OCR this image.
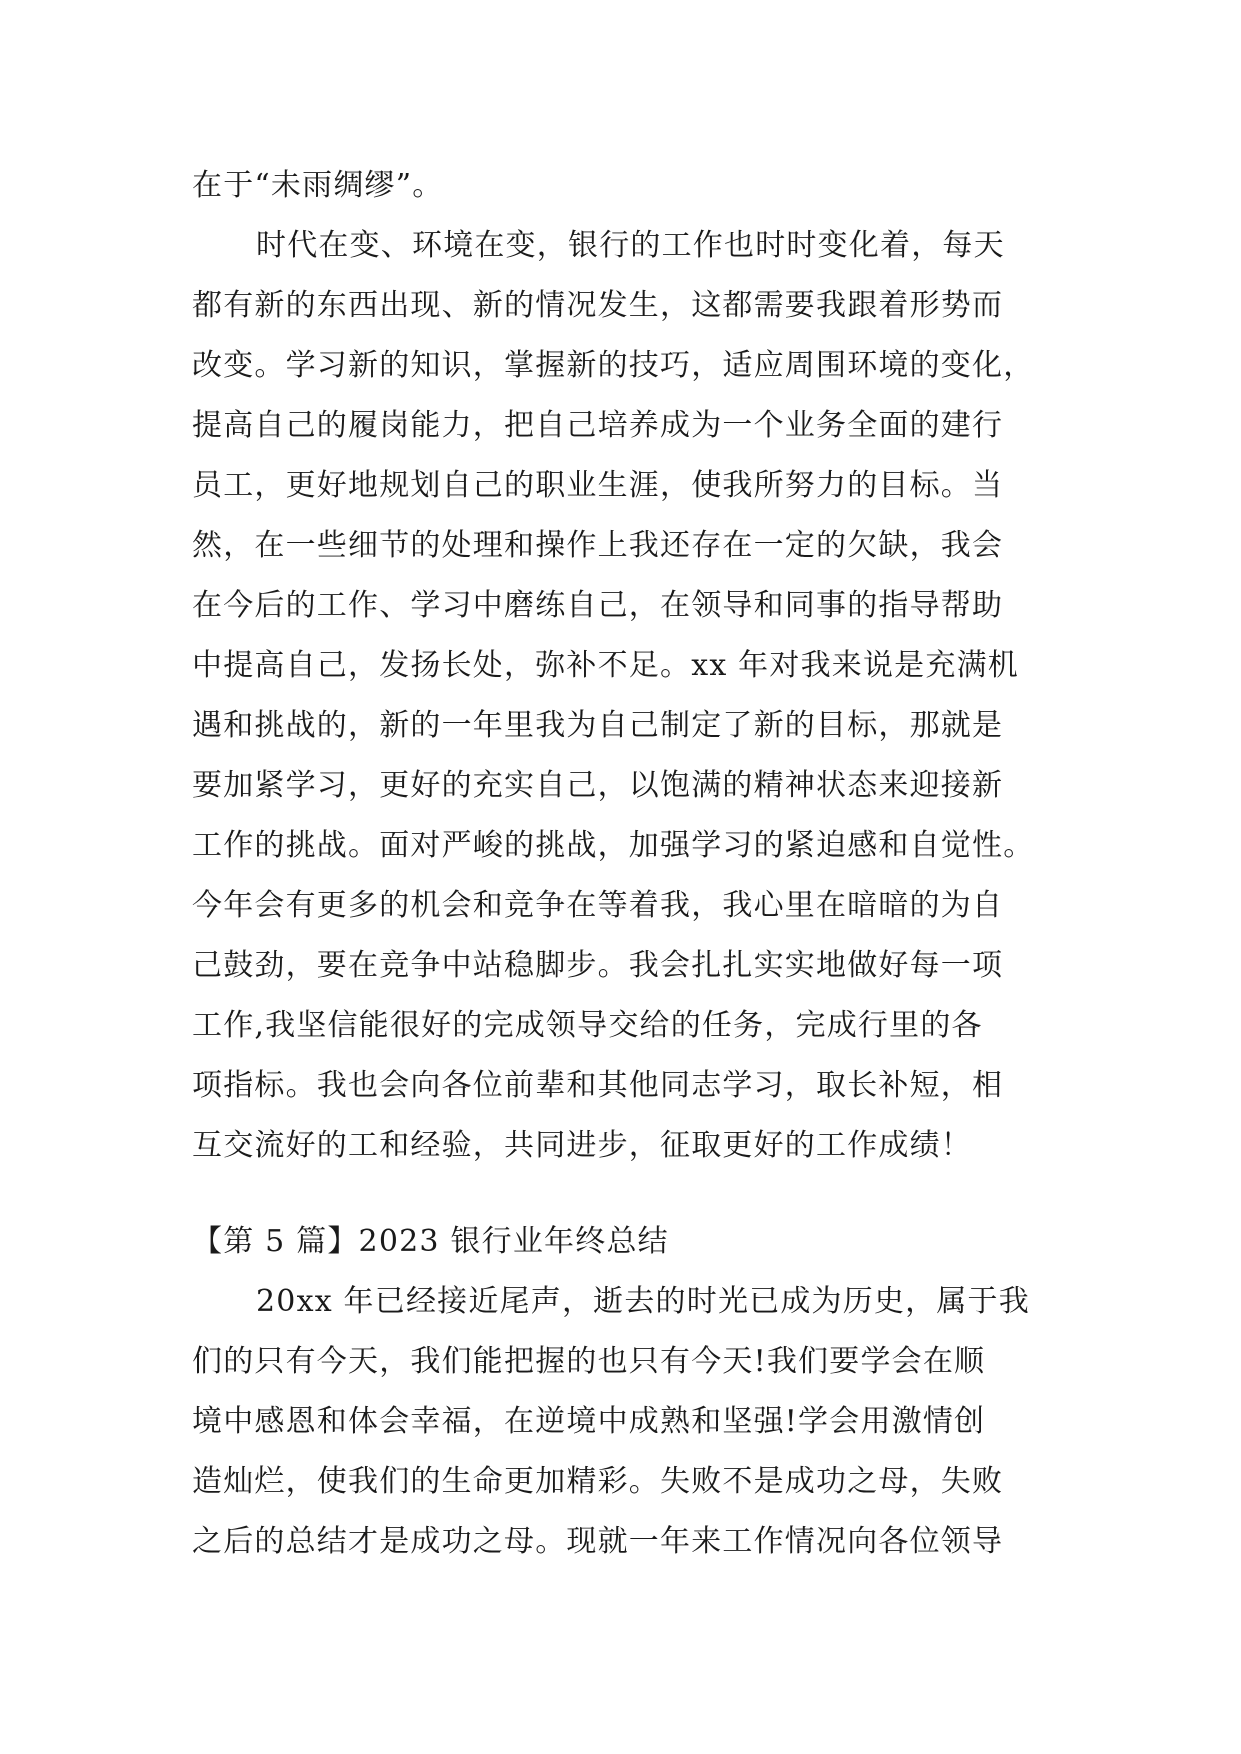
在于“未雨绸缪”。
时代在变、环境在变，银行的工作也时时变化着，每天
都有新的东西出现、新的情况发生，这都需要我跟着形势而
改变。学习新的知识，掌握新的技巧，适应周围环境的变化，
提高自己的履岗能力，把自己培养成为一个业务全面的建行
员工，更好地规划自己的职业生涯，使我所努力的目标。当
然，在一些细节的处理和操作上我还存在一定的欠缺，我会
在今后的工作、学习中磨练自己，在领导和同事的指导帮助
中提高自己，发扬长处，弥补不足。xx 年对我来说是充满机
遇和挑战的，新的一年里我为自己制定了新的目标，那就是
要加紧学习，更好的充实自己，以饱满的精神状态来迎接新
工作的挑战。面对严峻的挑战，加强学习的紧迫感和自觉性。
今年会有更多的机会和竞争在等着我，我心里在暗暗的为自
己鼓劲，要在竞争中站稳脚步。我会扎扎实实地做好每一项
工作,我坚信能很好的完成领导交给的任务，完成行里的各
项指标。我也会向各位前辈和其他同志学习，取长补短，相
互交流好的工和经验，共同进步，征取更好的工作成绩！
【第 5 篇】2023 银行业年终总结
20xx 年已经接近尾声，逝去的时光已成为历史，属于我
们的只有今天，我们能把握的也只有今天!我们要学会在顺
境中感恩和体会幸福，在逆境中成熟和坚强!学会用激情创
造灿烂，使我们的生命更加精彩。失败不是成功之母，失败
之后的总结才是成功之母。现就一年来工作情况向各位领导
